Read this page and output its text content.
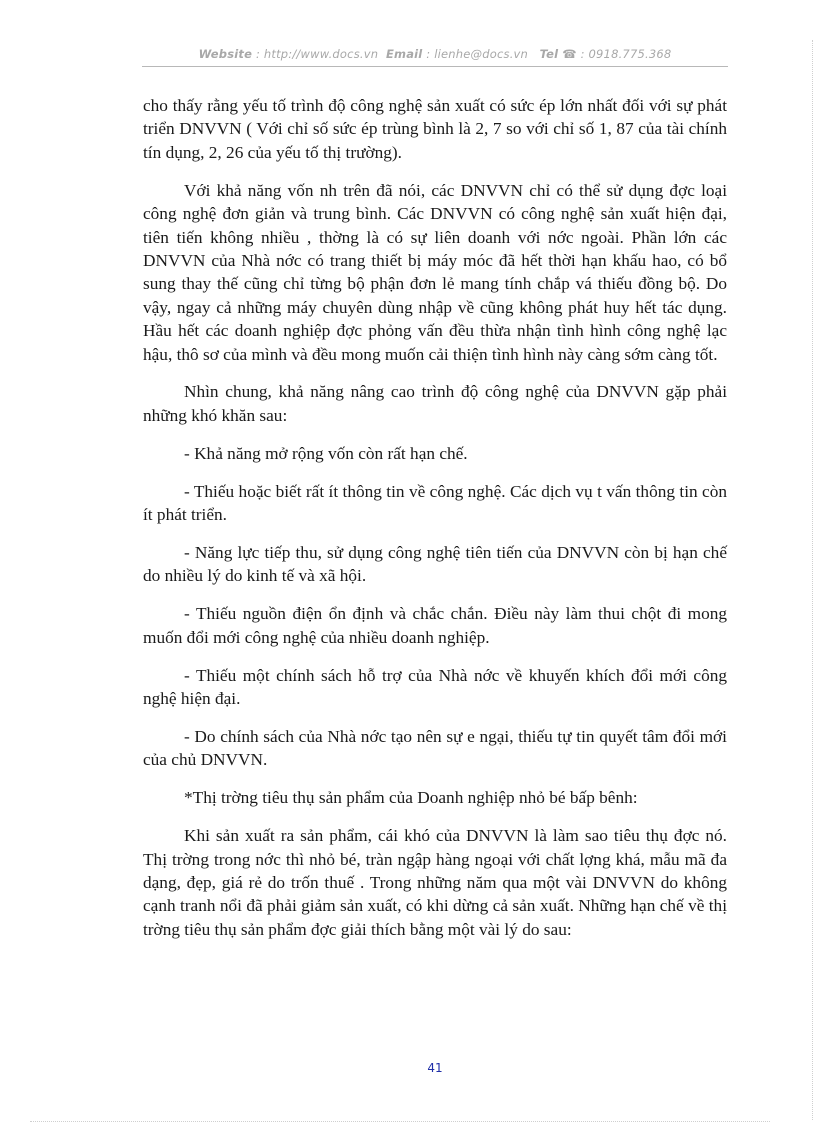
Website : http://www.docs.vn Email : lienhe@docs.vn Tel ☎ : 0918.775.368

cho thấy rằng yếu tố trình độ công nghệ sản xuất có sức ép lớn nhất đối với sự phát triển DNVVN ( Với chỉ số sức ép trùng bình là 2, 7 so với chỉ số 1, 87 của tài chính tín dụng, 2, 26 của yếu tố thị trường).

Với khả năng vốn nh trên đã nói, các DNVVN chỉ có thể sử dụng đợc loại công nghệ đơn giản và trung bình. Các DNVVN có công nghệ sản xuất hiện đại, tiên tiến không nhiều , thờng là có sự liên doanh với nớc ngoài. Phần lớn các DNVVN của Nhà nớc có trang thiết bị máy móc đã hết thời hạn khấu hao, có bổ sung thay thế cũng chỉ từng bộ phận đơn lẻ mang tính chắp vá thiếu đồng bộ. Do vậy, ngay cả những máy chuyên dùng nhập về cũng không phát huy hết tác dụng. Hầu hết các doanh nghiệp đợc phỏng vấn đều thừa nhận tình hình công nghệ lạc hậu, thô sơ của mình và đều mong muốn cải thiện tình hình này càng sớm càng tốt.

Nhìn chung, khả năng nâng cao trình độ công nghệ của DNVVN gặp phải những khó khăn sau:

- Khả năng mở rộng vốn còn rất hạn chế.

- Thiếu hoặc biết rất ít thông tin về công nghệ. Các dịch vụ t vấn thông tin còn ít phát triển.

- Năng lực tiếp thu, sử dụng công nghệ tiên tiến của DNVVN còn bị hạn chế do nhiều lý do kinh tế và xã hội.

- Thiếu nguồn điện ổn định và chắc chắn. Điều này làm thui chột đi mong muốn đổi mới công nghệ của nhiều doanh nghiệp.

- Thiếu một chính sách hỗ trợ của Nhà nớc về khuyến khích đổi mới công nghệ hiện đại.

- Do chính sách của Nhà nớc tạo nên sự e ngại, thiếu tự tin quyết tâm đổi mới của chủ DNVVN.

*Thị trờng tiêu thụ sản phẩm của Doanh nghiệp nhỏ bé bấp bênh:

Khi sản xuất ra sản phẩm, cái khó của DNVVN là làm sao tiêu thụ đợc nó. Thị trờng trong nớc thì nhỏ bé, tràn ngập hàng ngoại với chất lợng khá, mẫu mã đa dạng, đẹp, giá rẻ do trốn thuế . Trong những năm qua một vài DNVVN do không cạnh tranh nổi đã phải giảm sản xuất, có khi dừng cả sản xuất. Những hạn chế về thị trờng tiêu thụ sản phẩm đợc giải thích bằng một vài lý do sau:

41
